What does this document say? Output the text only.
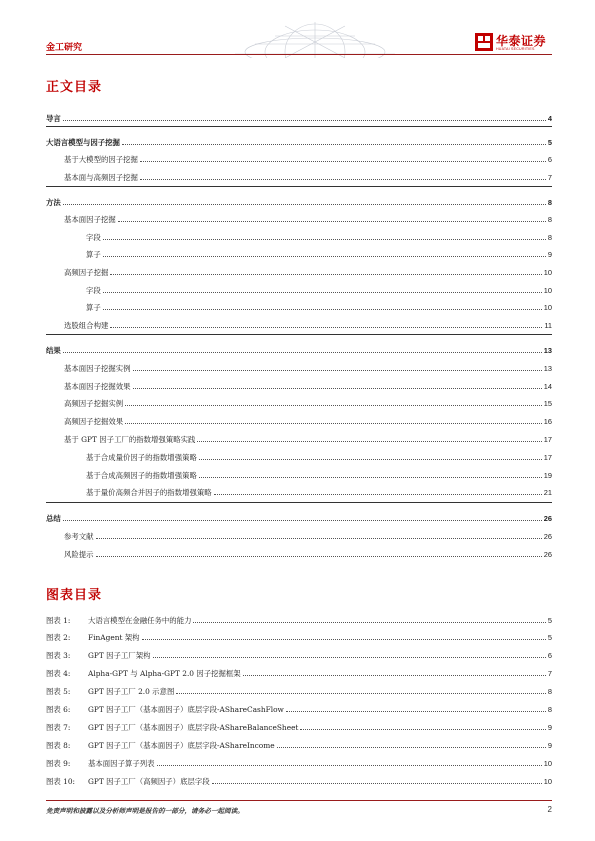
金工研究	华泰证券
HUATAI SECURITIES
正文目录
导言	4
大语言模型与因子挖掘	5
基于大模型的因子挖掘	6
基本面与高频因子挖掘	7
方法	8
基本面因子挖掘	8
字段	8
算子	9
高频因子挖掘	10
字段	10
算子	10
选股组合构建	11
结果	13
基本面因子挖掘实例	13
基本面因子挖掘效果	14
高频因子挖掘实例	15
高频因子挖掘效果	16
基于 GPT 因子工厂的指数增强策略实践	17
基于合成量价因子的指数增强策略	17
基于合成高频因子的指数增强策略	19
基于量价高频合并因子的指数增强策略	21
总结	26
参考文献	26
风险提示	26
图表目录
图表 1: 大语言模型在金融任务中的能力	5
图表 2: FinAgent 架构	5
图表 3: GPT 因子工厂架构	6
图表 4: Alpha-GPT 与 Alpha-GPT 2.0 因子挖掘框架	7
图表 5: GPT 因子工厂 2.0 示意图	8
图表 6: GPT 因子工厂（基本面因子）底层字段-AShareCashFlow	8
图表 7: GPT 因子工厂（基本面因子）底层字段-AShareBalanceSheet	9
图表 8: GPT 因子工厂（基本面因子）底层字段-AShareIncome	9
图表 9: 基本面因子算子列表	10
图表 10: GPT 因子工厂（高频因子）底层字段	10
免责声明和披露以及分析师声明是报告的一部分，请务必一起阅读。	2
